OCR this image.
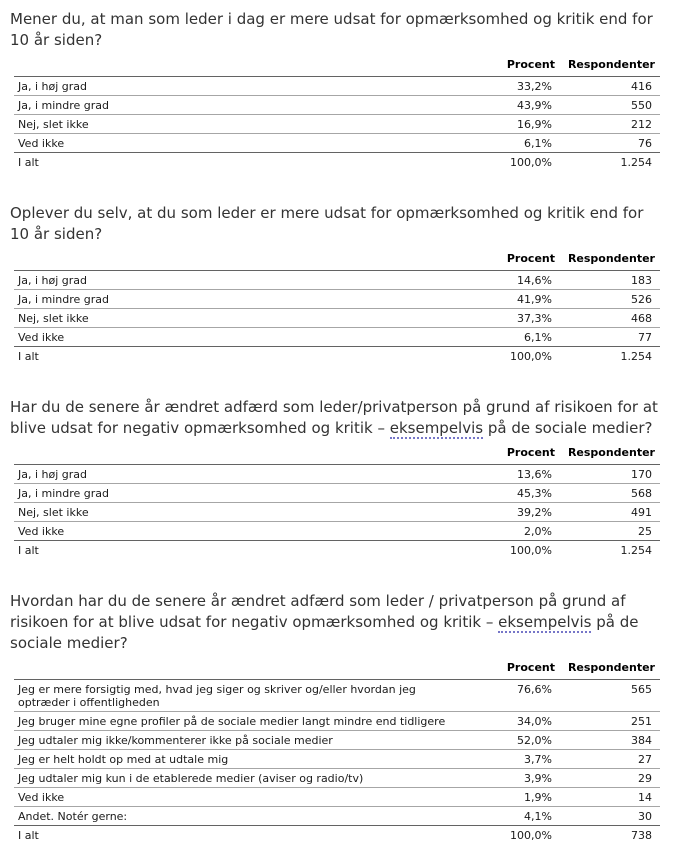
Mener du, at man som leder i dag er mere udsat for opmærksomhed og kritik end for 10 år siden?
	Procent	Respondenter
Ja, i høj grad	33,2%	416
Ja, i mindre grad	43,9%	550
Nej, slet ikke	16,9%	212
Ved ikke	6,1%	76
I alt	100,0%	1.254
Oplever du selv, at du som leder er mere udsat for opmærksomhed og kritik end for 10 år siden?
	Procent	Respondenter
Ja, i høj grad	14,6%	183
Ja, i mindre grad	41,9%	526
Nej, slet ikke	37,3%	468
Ved ikke	6,1%	77
I alt	100,0%	1.254
Har du de senere år ændret adfærd som leder/privatperson på grund af risikoen for at blive udsat for negativ opmærksomhed og kritik – eksempelvis på de sociale medier?
	Procent	Respondenter
Ja, i høj grad	13,6%	170
Ja, i mindre grad	45,3%	568
Nej, slet ikke	39,2%	491
Ved ikke	2,0%	25
I alt	100,0%	1.254
Hvordan har du de senere år ændret adfærd som leder / privatperson på grund af risikoen for at blive udsat for negativ opmærksomhed og kritik – eksempelvis på de sociale medier?
	Procent	Respondenter
Jeg er mere forsigtig med, hvad jeg siger og skriver og/eller hvordan jeg optræder i offentligheden	76,6%	565
Jeg bruger mine egne profiler på de sociale medier langt mindre end tidligere	34,0%	251
Jeg udtaler mig ikke/kommenterer ikke på sociale medier	52,0%	384
Jeg er helt holdt op med at udtale mig	3,7%	27
Jeg udtaler mig kun i de etablerede medier (aviser og radio/tv)	3,9%	29
Ved ikke	1,9%	14
Andet. Notér gerne:	4,1%	30
I alt	100,0%	738
